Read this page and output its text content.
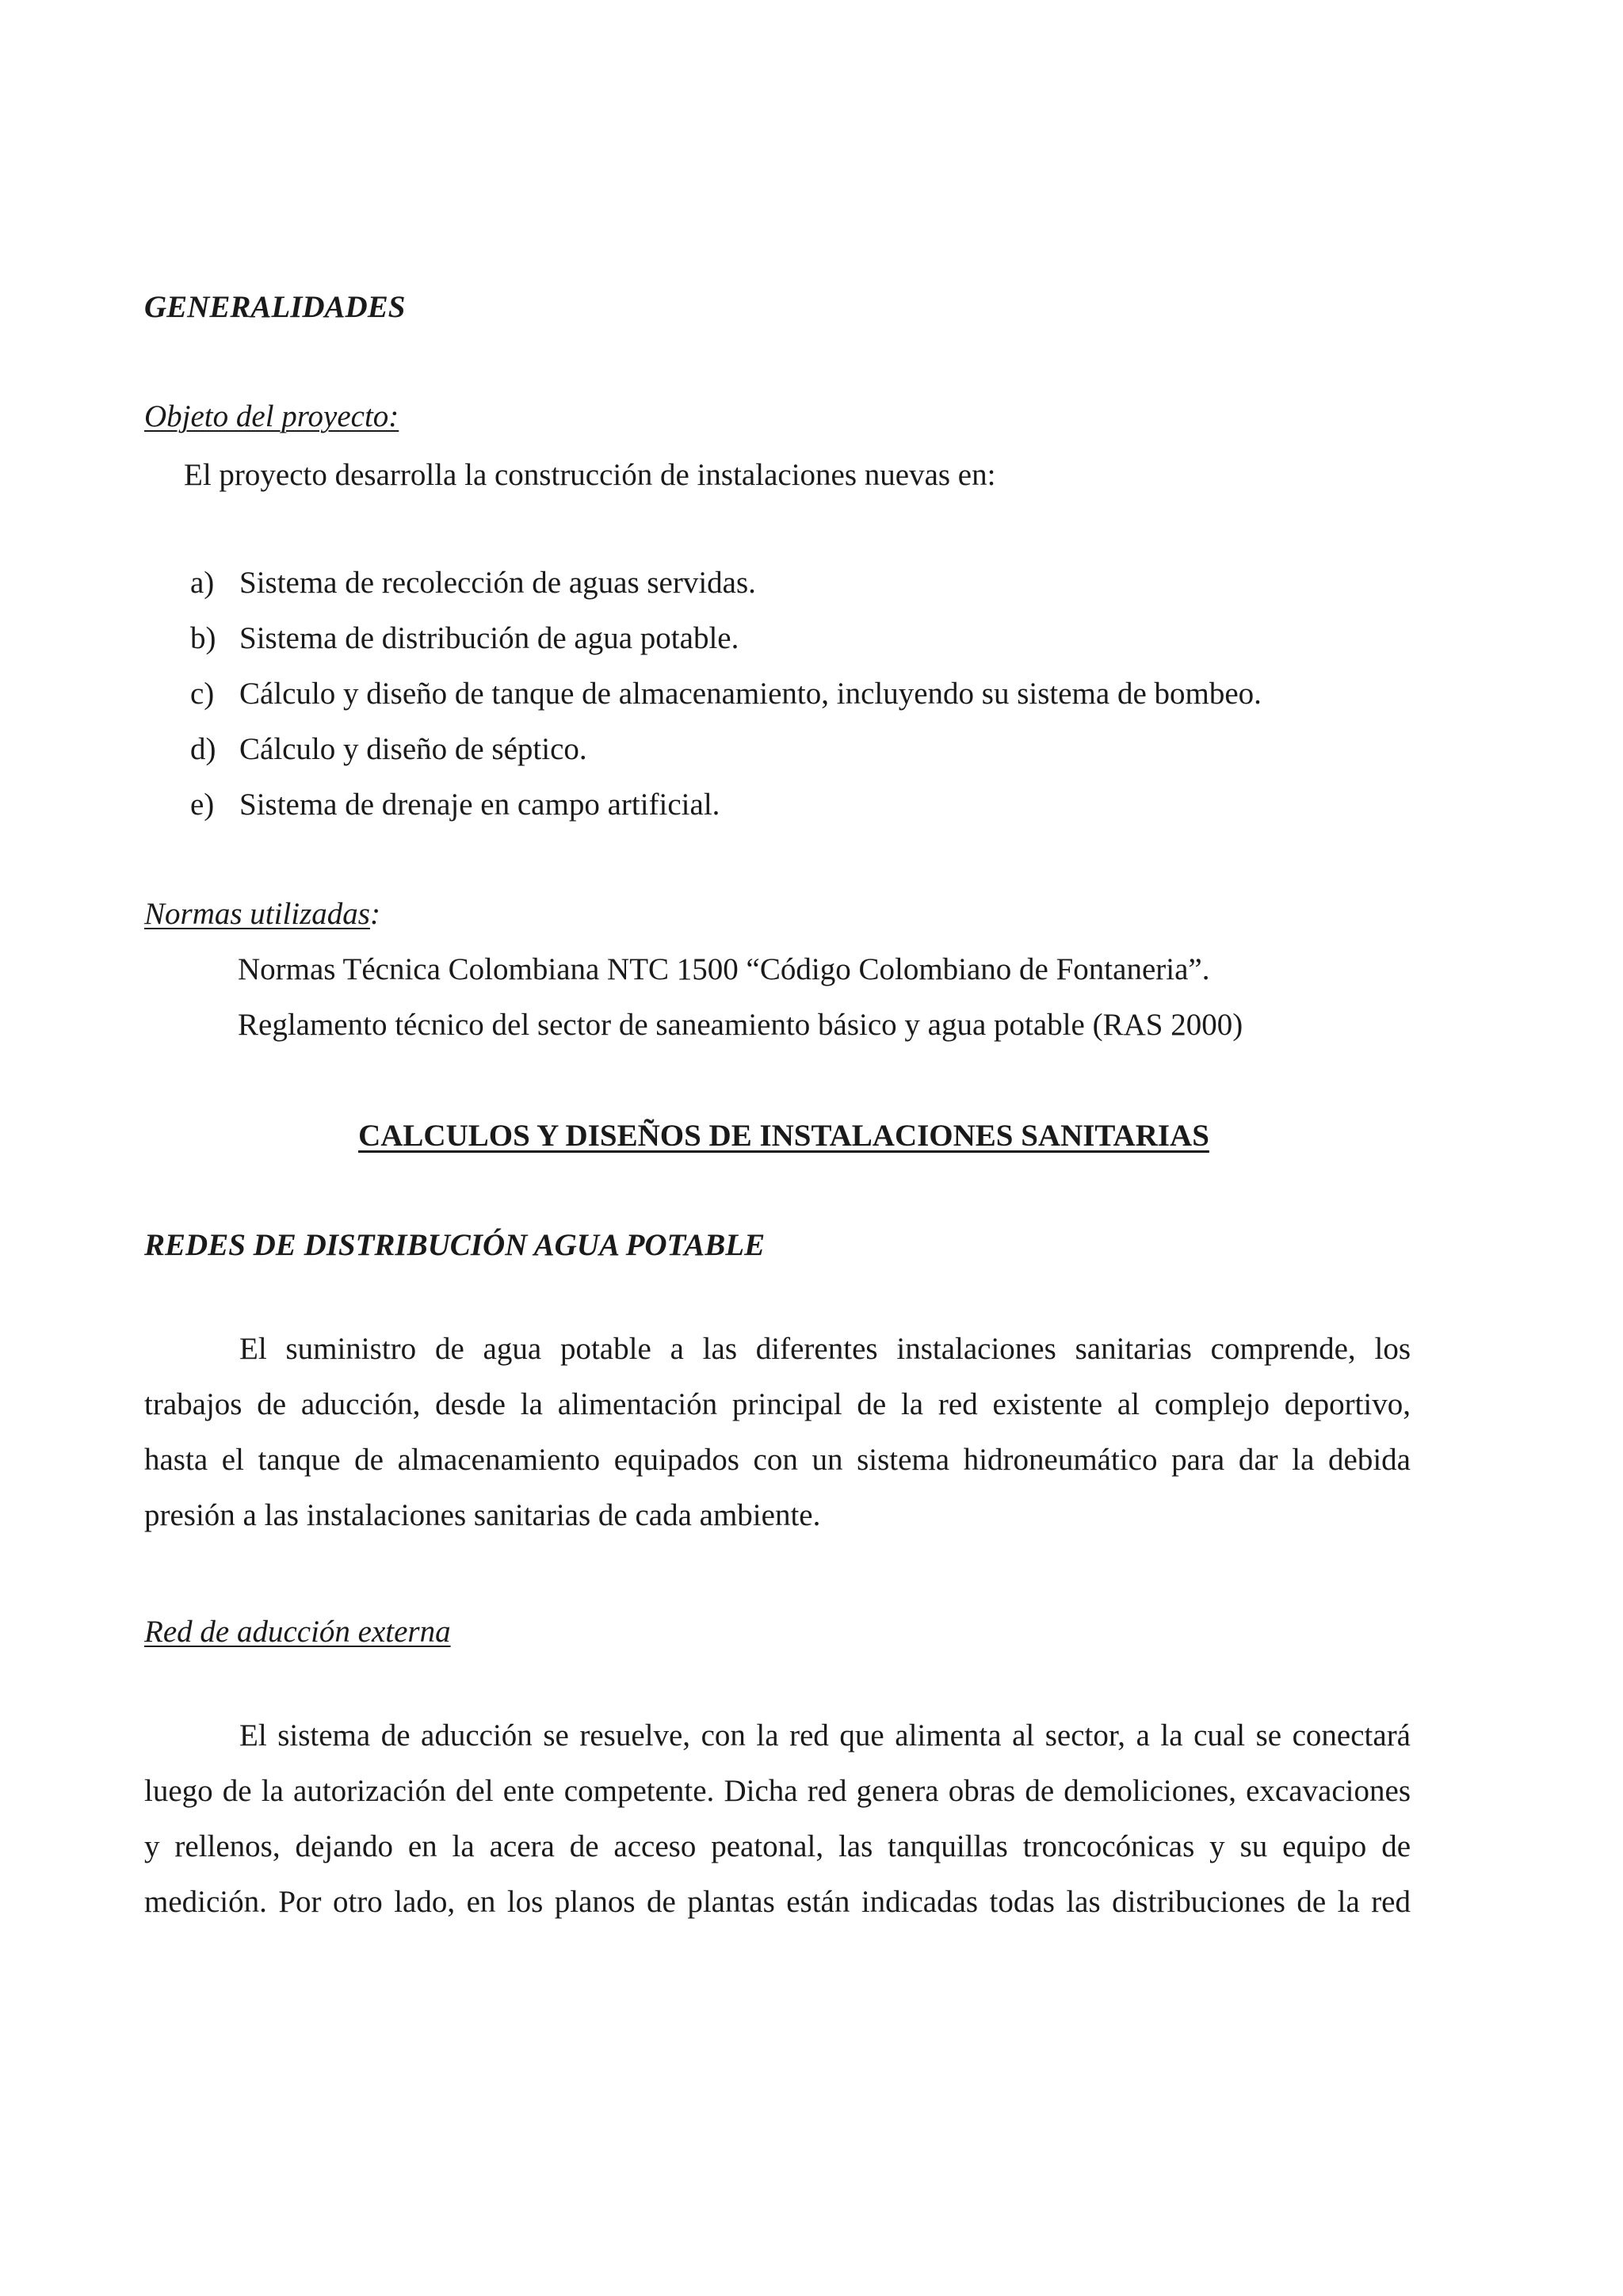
GENERALIDADES
Objeto del proyecto:
El proyecto desarrolla la construcción de instalaciones nuevas en:
a) Sistema de recolección de aguas servidas.
b) Sistema de distribución de agua potable.
c) Cálculo y diseño de tanque de almacenamiento, incluyendo su sistema de bombeo.
d) Cálculo y diseño de séptico.
e) Sistema de drenaje en campo artificial.
Normas utilizadas:
Normas Técnica Colombiana NTC 1500 “Código Colombiano de Fontaneria”.
Reglamento técnico del sector de saneamiento básico y agua potable (RAS 2000)
CALCULOS Y DISEÑOS DE INSTALACIONES SANITARIAS
REDES DE DISTRIBUCIÓN AGUA POTABLE
El suministro de agua potable a las diferentes instalaciones sanitarias comprende, los
trabajos de aducción, desde la alimentación principal de la red existente al complejo deportivo,
hasta el tanque de almacenamiento equipados con un sistema hidroneumático para dar la debida
presión a las instalaciones sanitarias de cada ambiente.
Red de aducción externa
El sistema de aducción se resuelve, con la red que alimenta al sector, a la cual se conectará
luego de la autorización del ente competente. Dicha red genera obras de demoliciones, excavaciones
y rellenos, dejando en la acera de acceso peatonal, las tanquillas troncocónicas y su equipo de
medición. Por otro lado, en los planos de plantas están indicadas todas las distribuciones de la red
